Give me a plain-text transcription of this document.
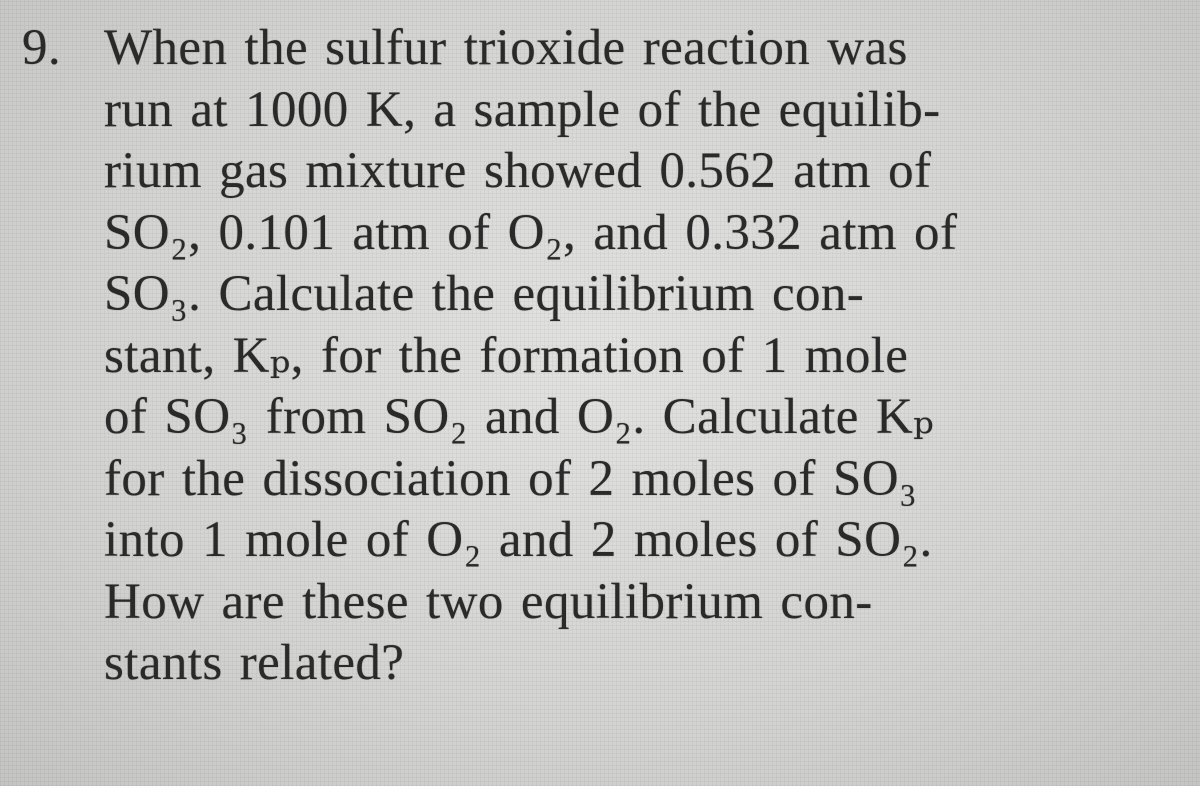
9. When the sulfur trioxide reaction was
run at 1000 K, a sample of the equilib-
rium gas mixture showed 0.562 atm of
SO₂, 0.101 atm of O₂, and 0.332 atm of
SO₃. Calculate the equilibrium con-
stant, Kₚ, for the formation of 1 mole
of SO₃ from SO₂ and O₂. Calculate Kₚ
for the dissociation of 2 moles of SO₃
into 1 mole of O₂ and 2 moles of SO₂.
How are these two equilibrium con-
stants related?
